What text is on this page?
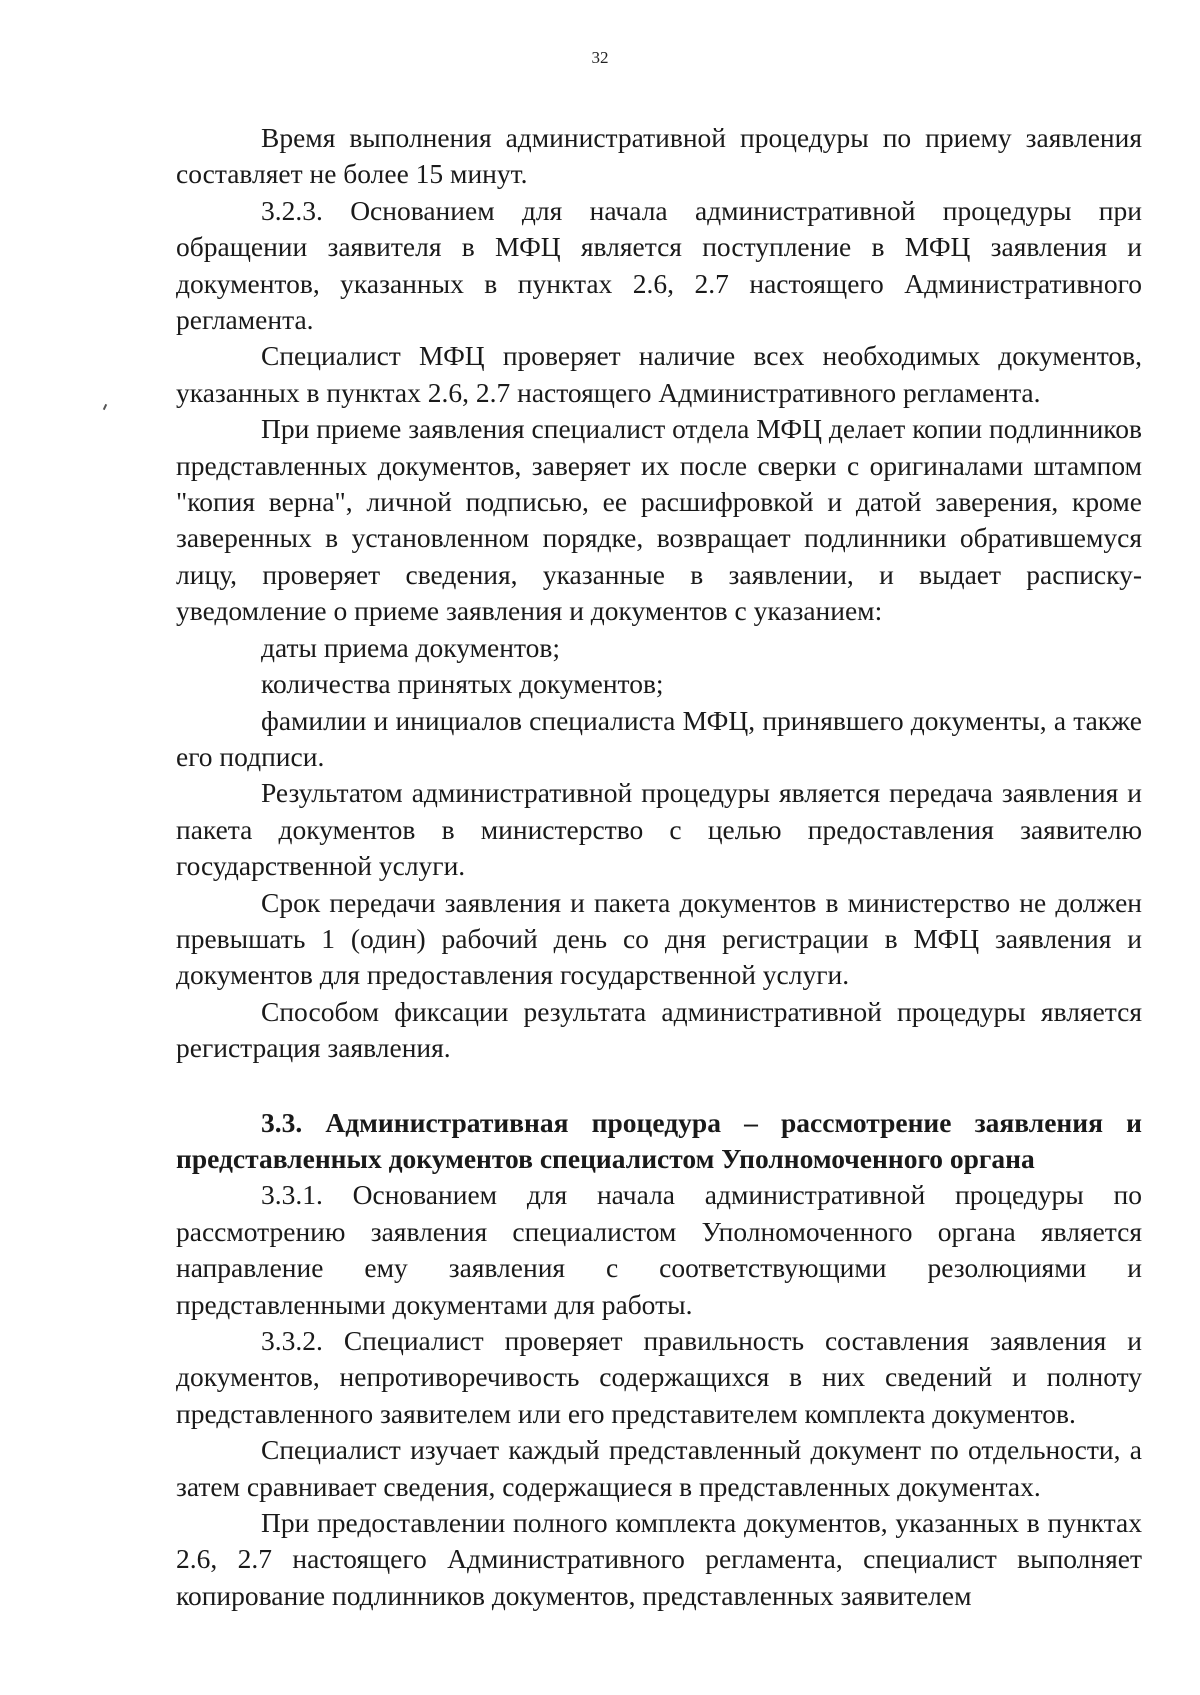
32

Время выполнения административной процедуры по приему заявления составляет не более 15 минут.

3.2.3. Основанием для начала административной процедуры при обращении заявителя в МФЦ является поступление в МФЦ заявления и документов, указанных в пунктах 2.6, 2.7 настоящего Административного регламента.

Специалист МФЦ проверяет наличие всех необходимых документов, указанных в пунктах 2.6, 2.7 настоящего Административного регламента.

При приеме заявления специалист отдела МФЦ делает копии подлинников представленных документов, заверяет их после сверки с оригиналами штампом "копия верна", личной подписью, ее расшифровкой и датой заверения, кроме заверенных в установленном порядке, возвращает подлинники обратившемуся лицу, проверяет сведения, указанные в заявлении, и выдает расписку-уведомление о приеме заявления и документов с указанием:

даты приема документов;

количества принятых документов;

фамилии и инициалов специалиста МФЦ, принявшего документы, а также его подписи.

Результатом административной процедуры является передача заявления и пакета документов в министерство с целью предоставления заявителю государственной услуги.

Срок передачи заявления и пакета документов в министерство не должен превышать 1 (один) рабочий день со дня регистрации в МФЦ заявления и документов для предоставления государственной услуги.

Способом фиксации результата административной процедуры является регистрация заявления.

3.3. Административная процедура – рассмотрение заявления и представленных документов специалистом Уполномоченного органа

3.3.1. Основанием для начала административной процедуры по рассмотрению заявления специалистом Уполномоченного органа является направление ему заявления с соответствующими резолюциями и представленными документами для работы.

3.3.2. Специалист проверяет правильность составления заявления и документов, непротиворечивость содержащихся в них сведений и полноту представленного заявителем или его представителем комплекта документов.

Специалист изучает каждый представленный документ по отдельности, а затем сравнивает сведения, содержащиеся в представленных документах.

При предоставлении полного комплекта документов, указанных в пунктах 2.6, 2.7 настоящего Административного регламента, специалист выполняет копирование подлинников документов, представленных заявителем
